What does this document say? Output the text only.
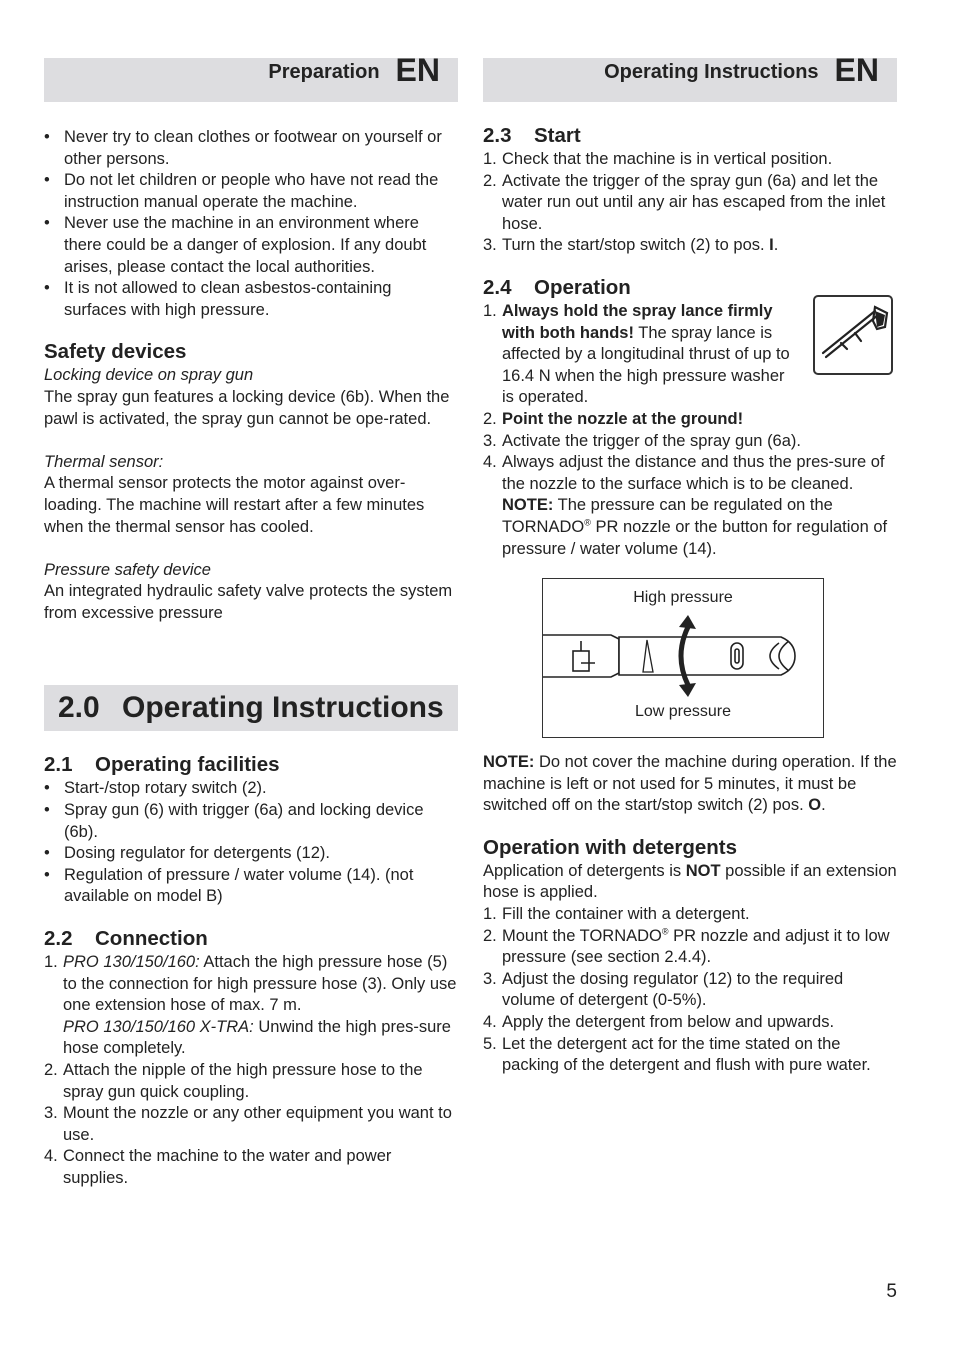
Preparation EN
• Never try to clean clothes or footwear on yourself or other persons.
• Do not let children or people who have not read the instruction manual operate the machine.
• Never use the machine in an environment where there could be a danger of explosion. If any doubt arises, please contact the local authorities.
• It is not allowed to clean asbestos-containing surfaces with high pressure.
Safety devices

Locking device on spray gun

The spray gun features a locking device (6b). When the pawl is activated, the spray gun cannot be ope-rated.

Thermal sensor:

A thermal sensor protects the motor against over-loading. The machine will restart after a few minutes when the thermal sensor has cooled.

Pressure safety device

An integrated hydraulic safety valve protects the system from excessive pressure

2.0 Operating Instructions
2.1 Operating facilities
• Start-/stop rotary switch (2).
• Spray gun (6) with trigger (6a) and locking device (6b).
• Dosing regulator for detergents (12).
• Regulation of pressure / water volume (14). (not available on model B)
2.2 Connection
1. PRO 130/150/160: Attach the high pressure hose (5) to the connection for high pressure hose (3). Only use one extension hose of max. 7 m.
PRO 130/150/160 X-TRA: Unwind the high pres-sure hose completely.
2. Attach the nipple of the high pressure hose to the spray gun quick coupling.
3. Mount the nozzle or any other equipment you want to use.
4. Connect the machine to the water and power supplies.
Operating Instructions EN
2.3 Start
1. Check that the machine is in vertical position.
2. Activate the trigger of the spray gun (6a) and let the water run out until any air has escaped from the inlet hose.
3. Turn the start/stop switch (2) to pos. I.
2.4 Operation
1. Always hold the spray lance firmly with both hands! The spray lance is affected by a longitudinal thrust of up to 16.4 N when the high pressure washer is operated.
2. Point the nozzle at the ground!
3. Activate the trigger of the spray gun (6a).
4. Always adjust the distance and thus the pres-sure of the nozzle to the surface which is to be cleaned. NOTE: The pressure can be regulated on the TORNADO® PR nozzle or the button for regulation of pressure / water volume (14).
High pressure
Low pressure

NOTE: Do not cover the machine during operation. If the machine is left or not used for 5 minutes, it must be switched off on the start/stop switch (2) pos. O.

Operation with detergents

Application of detergents is NOT possible if an extension hose is applied.

1. Fill the container with a detergent.
2. Mount the TORNADO® PR nozzle and adjust it to low pressure (see section 2.4.4).
3. Adjust the dosing regulator (12) to the required volume of detergent (0-5%).
4. Apply the detergent from below and upwards.
5. Let the detergent act for the time stated on the packing of the detergent and flush with pure water.
5
